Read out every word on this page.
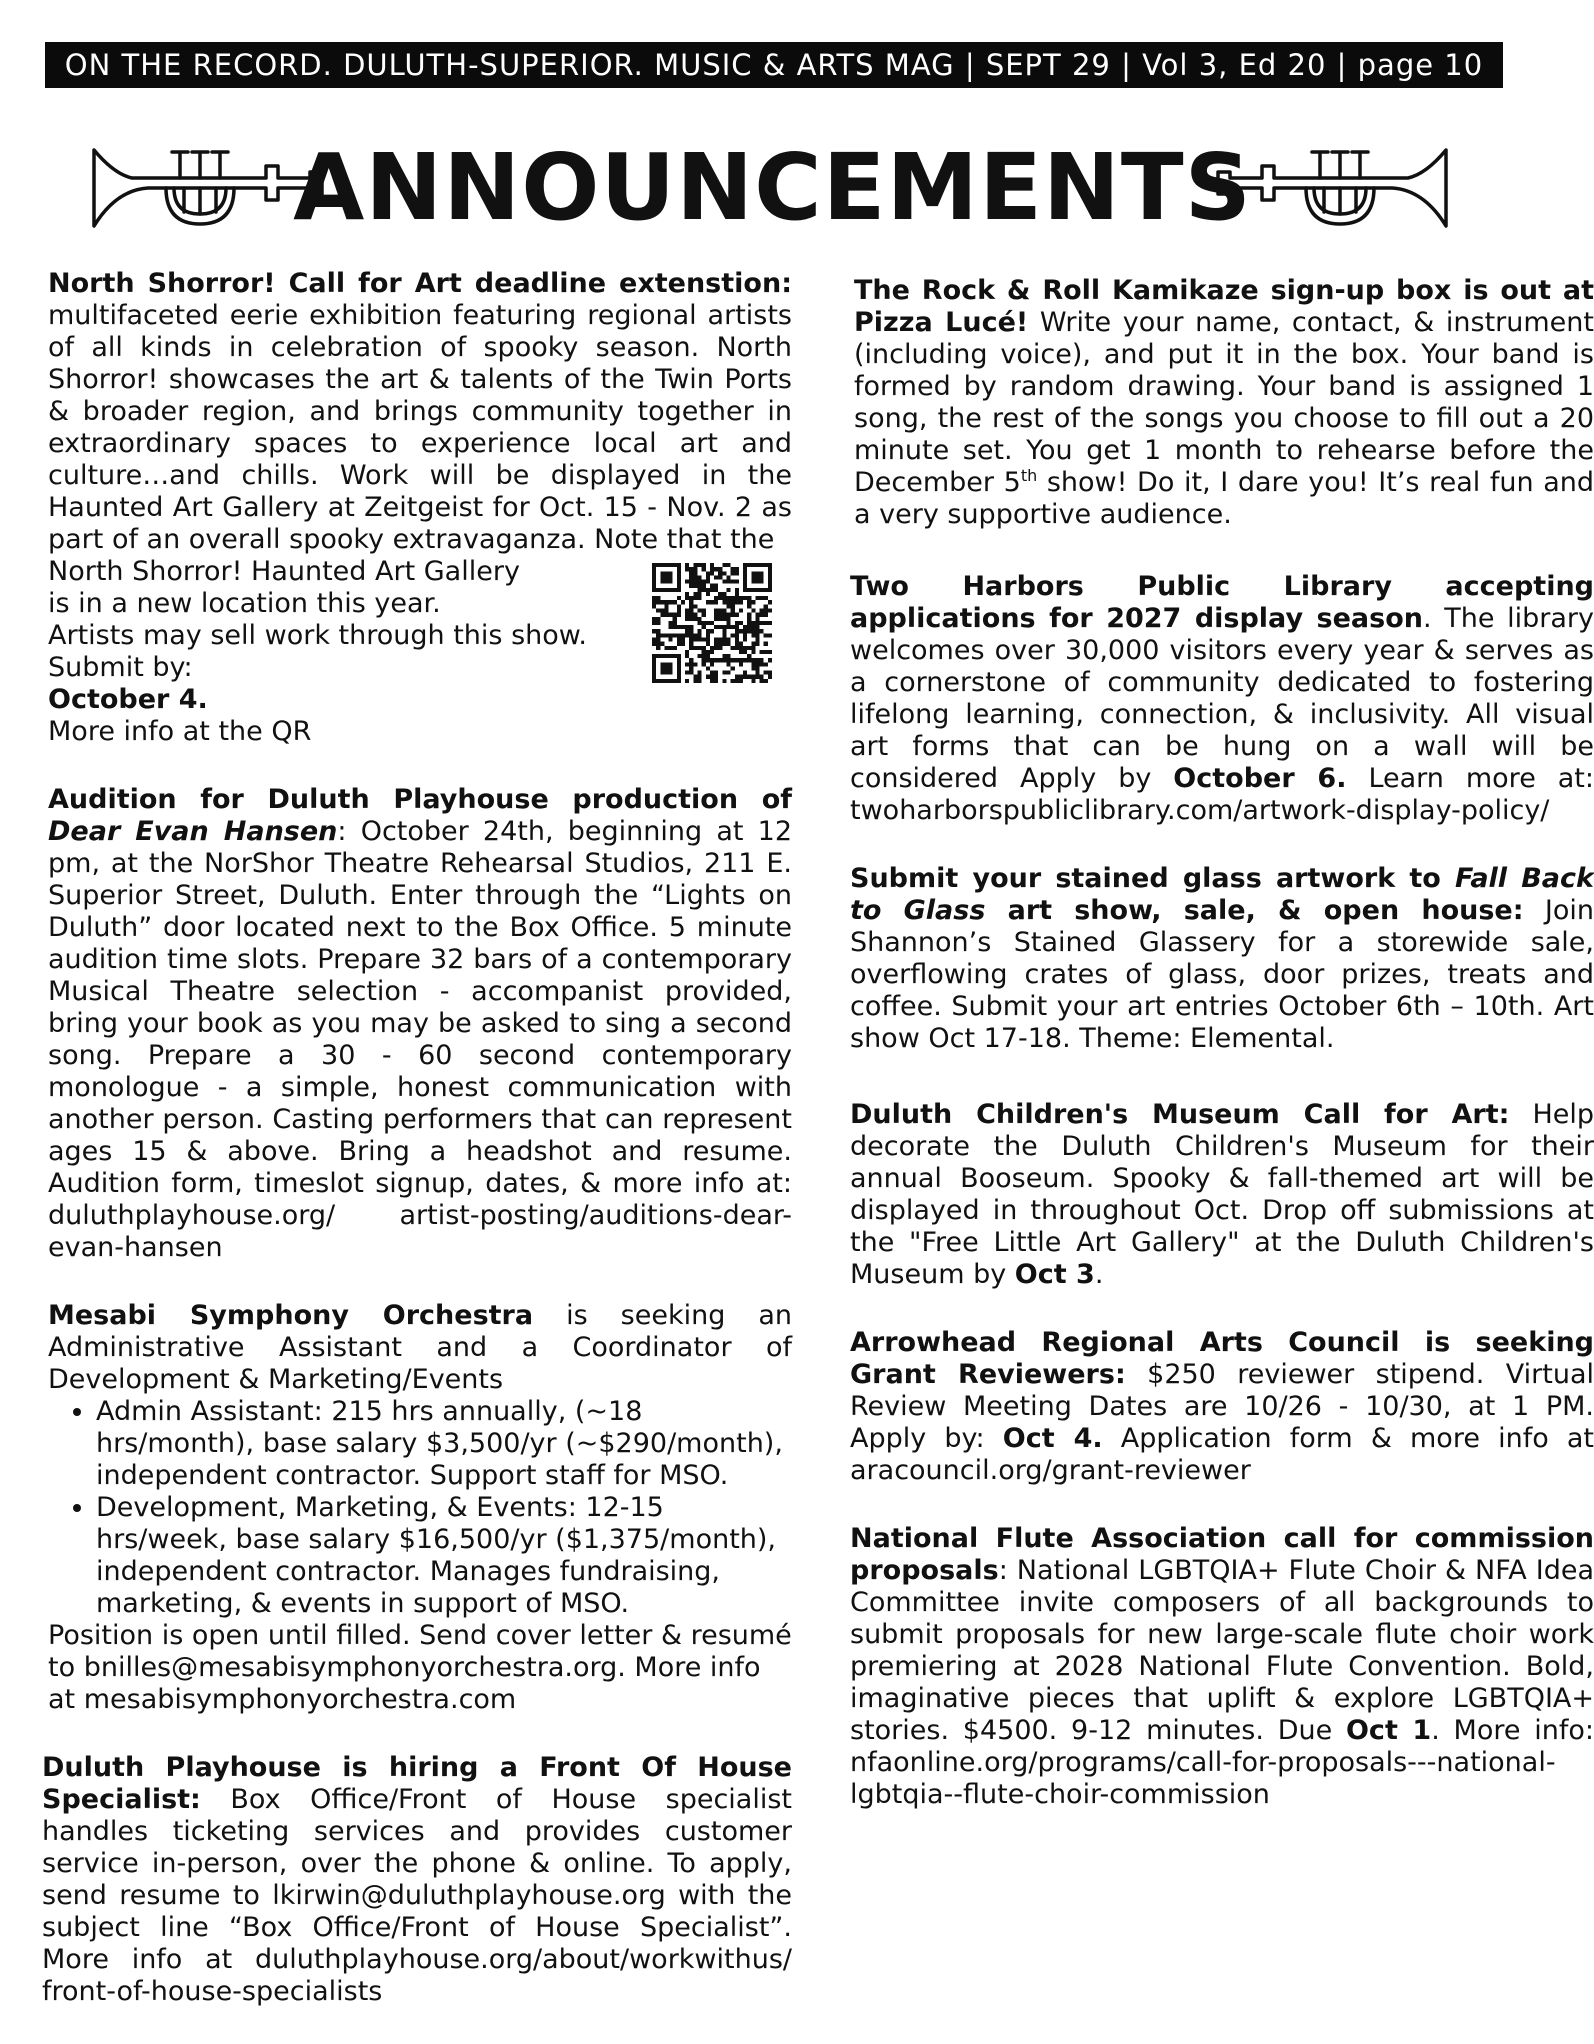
ON THE RECORD. DULUTH-SUPERIOR. MUSIC & ARTS MAG | SEPT 29 | Vol 3, Ed 20 | page 10
ANNOUNCEMENTS

North Shorror! Call for Art deadline extenstion: multifaceted eerie exhibition featuring regional artists of all kinds in celebration of spooky season. North Shorror! showcases the art & talents of the Twin Ports & broader region, and brings community together in extraordinary spaces to experience local art and culture…and chills. Work will be displayed in the Haunted Art Gallery at Zeitgeist for Oct. 15 - Nov. 2 as part of an overall spooky extravaganza. Note that the

North Shorror! Haunted Art Gallery
is in a new location this year.
Artists may sell work through this show.
Submit by:
October 4.
More info at the QR

Audition for Duluth Playhouse production of Dear Evan Hansen: October 24th, beginning at 12 pm, at the NorShor Theatre Rehearsal Studios, 211 E. Superior Street, Duluth. Enter through the “Lights on Duluth” door located next to the Box Office. 5 minute audition time slots. Prepare 32 bars of a contemporary Musical Theatre selection - accompanist provided, bring your book as you may be asked to sing a second song. Prepare a 30 - 60 second contemporary monologue - a simple, honest communication with another person. Casting performers that can represent ages 15 & above. Bring a headshot and resume. Audition form, timeslot signup, dates, & more info at: duluthplayhouse.org/ artist-posting/auditions-dear-evan-hansen

Mesabi Symphony Orchestra is seeking an Administrative Assistant and a Coordinator of Development & Marketing/Events

• Admin Assistant: 215 hrs annually, (~18 hrs/month), base salary $3,500/yr (~$290/month), independent contractor. Support staff for MSO.
• Development, Marketing, & Events: 12-15 hrs/week, base salary $16,500/yr ($1,375/month), independent contractor. Manages fundraising, marketing, & events in support of MSO.

Position is open until filled. Send cover letter & resumé to bnilles@mesabisymphonyorchestra.org. More info at mesabisymphonyorchestra.com

Duluth Playhouse is hiring a Front Of House Specialist: Box Office/Front of House specialist handles ticketing services and provides customer service in-person, over the phone & online. To apply, send resume to lkirwin@duluthplayhouse.org with the subject line “Box Office/Front of House Specialist”. More info at duluthplayhouse.org/about/workwithus/ front-of-house-specialists

The Rock & Roll Kamikaze sign-up box is out at Pizza Lucé! Write your name, contact, & instrument (including voice), and put it in the box. Your band is formed by random drawing. Your band is assigned 1 song, the rest of the songs you choose to fill out a 20 minute set. You get 1 month to rehearse before the December 5th show! Do it, I dare you! It’s real fun and a very supportive audience.

Two Harbors Public Library accepting applications for 2027 display season. The library welcomes over 30,000 visitors every year & serves as a cornerstone of community dedicated to fostering lifelong learning, connection, & inclusivity. All visual art forms that can be hung on a wall will be considered Apply by October 6. Learn more at: twoharborspubliclibrary.com/artwork-display-policy/

Submit your stained glass artwork to Fall Back to Glass art show, sale, & open house: Join Shannon’s Stained Glassery for a storewide sale, overflowing crates of glass, door prizes, treats and coffee. Submit your art entries October 6th – 10th. Art show Oct 17-18. Theme: Elemental.

Duluth Children's Museum Call for Art: Help decorate the Duluth Children's Museum for their annual Booseum. Spooky & fall-themed art will be displayed in throughout Oct. Drop off submissions at the "Free Little Art Gallery" at the Duluth Children's Museum by Oct 3.

Arrowhead Regional Arts Council is seeking Grant Reviewers: $250 reviewer stipend. Virtual Review Meeting Dates are 10/26 - 10/30, at 1 PM. Apply by: Oct 4. Application form & more info at aracouncil.org/grant-reviewer

National Flute Association call for commission proposals: National LGBTQIA+ Flute Choir & NFA Idea Committee invite composers of all backgrounds to submit proposals for new large-scale flute choir work premiering at 2028 National Flute Convention. Bold, imaginative pieces that uplift & explore LGBTQIA+ stories. $4500. 9-12 minutes. Due Oct 1. More info: nfaonline.org/programs/call-for-proposals---national-lgbtqia--flute-choir-commission
